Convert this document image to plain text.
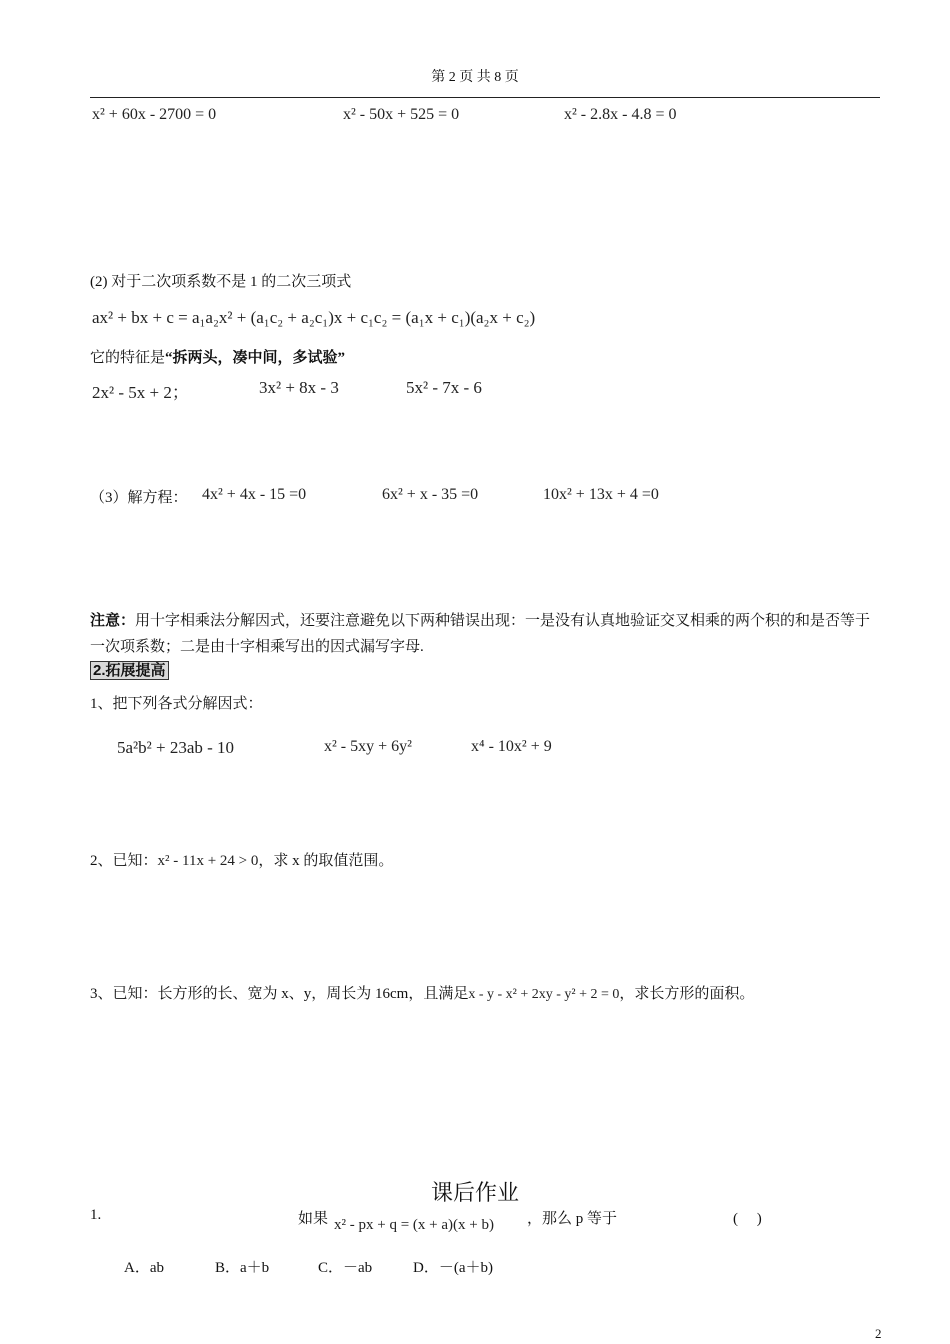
第 2 页 共 8 页
x² + 60x - 2700 = 0	x² - 50x + 525 = 0	x² - 2.8x - 4.8 = 0
(2) 对于二次项系数不是 1 的二次三项式
ax² + bx + c = a₁a₂x² + (a₁c₂ + a₂c₁)x + c₁c₂ = (a₁x + c₁)(a₂x + c₂)
它的特征是“拆两头，凑中间，多试验”
2x² - 5x + 2；	3x² + 8x - 3	5x² - 7x - 6
（3）解方程： 4x² + 4x - 15 =0	6x² + x - 35 =0	10x² + 13x + 4 =0
注意：用十字相乘法分解因式，还要注意避免以下两种错误出现：一是没有认真地验证交叉相乘的两个积的和是否等于一次项系数；二是由十字相乘写出的因式漏写字母.
2.拓展提高
1、把下列各式分解因式：
5a²b² + 23ab - 10	x² - 5xy + 6y²	x⁴ - 10x² + 9
2、已知：x² - 11x + 24 > 0，求 x 的取值范围。
3、已知：长方形的长、宽为 x、y，周长为 16cm，且满足x - y - x² + 2xy - y² + 2 = 0，求长方形的面积。
课后作业
1.	如果 x² - px + q = (x + a)(x + b) ，那么 p 等于	(　 )
A．ab	B．a＋b	C．－ab	D．－(a＋b)
2
